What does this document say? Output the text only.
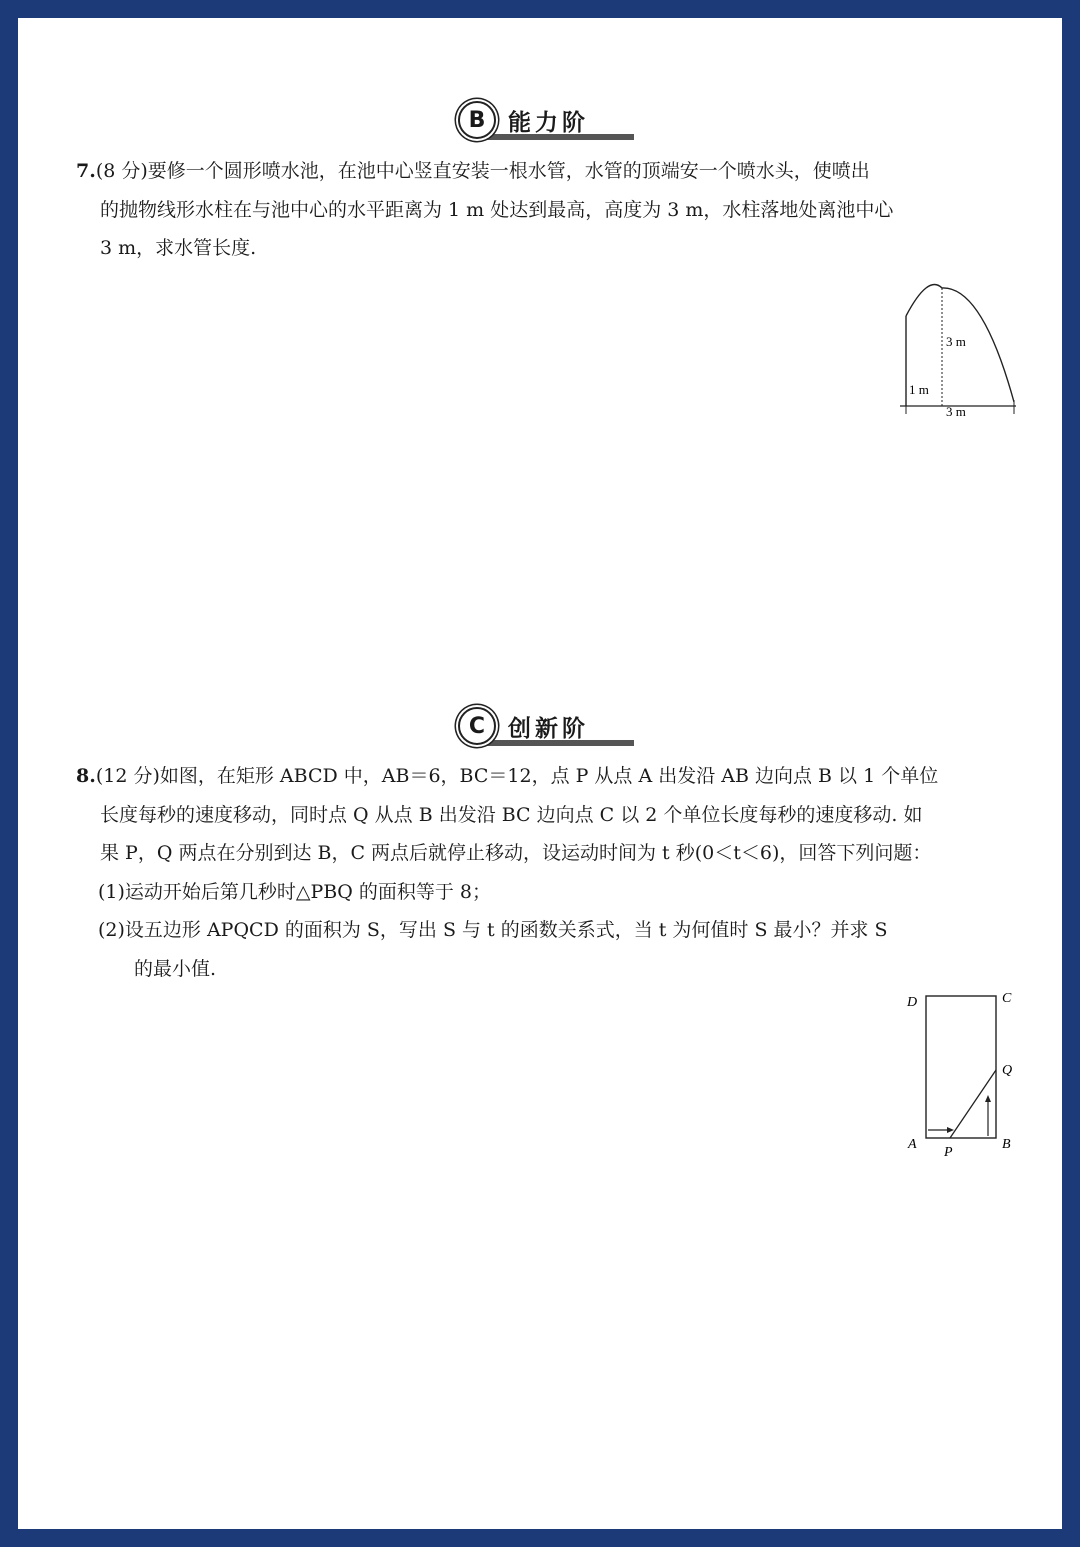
B 能力阶

7.(8 分)要修一个圆形喷水池，在池中心竖直安装一根水管，水管的顶端安一个喷水头，使喷出

的抛物线形水柱在与池中心的水平距离为 1 m 处达到最高，高度为 3 m，水柱落地处离池中心

3 m，求水管长度.

3 m
1 m
3 m
C 创新阶

8.(12 分)如图，在矩形 ABCD 中，AB＝6，BC＝12，点 P 从点 A 出发沿 AB 边向点 B 以 1 个单位

长度每秒的速度移动，同时点 Q 从点 B 出发沿 BC 边向点 C 以 2 个单位长度每秒的速度移动. 如

果 P，Q 两点在分别到达 B，C 两点后就停止移动，设运动时间为 t 秒(0＜t＜6)，回答下列问题：

(1)运动开始后第几秒时△PBQ 的面积等于 8；

(2)设五边形 APQCD 的面积为 S，写出 S 与 t 的函数关系式，当 t 为何值时 S 最小？并求 S

的最小值.

D	C
Q
A
P
B
